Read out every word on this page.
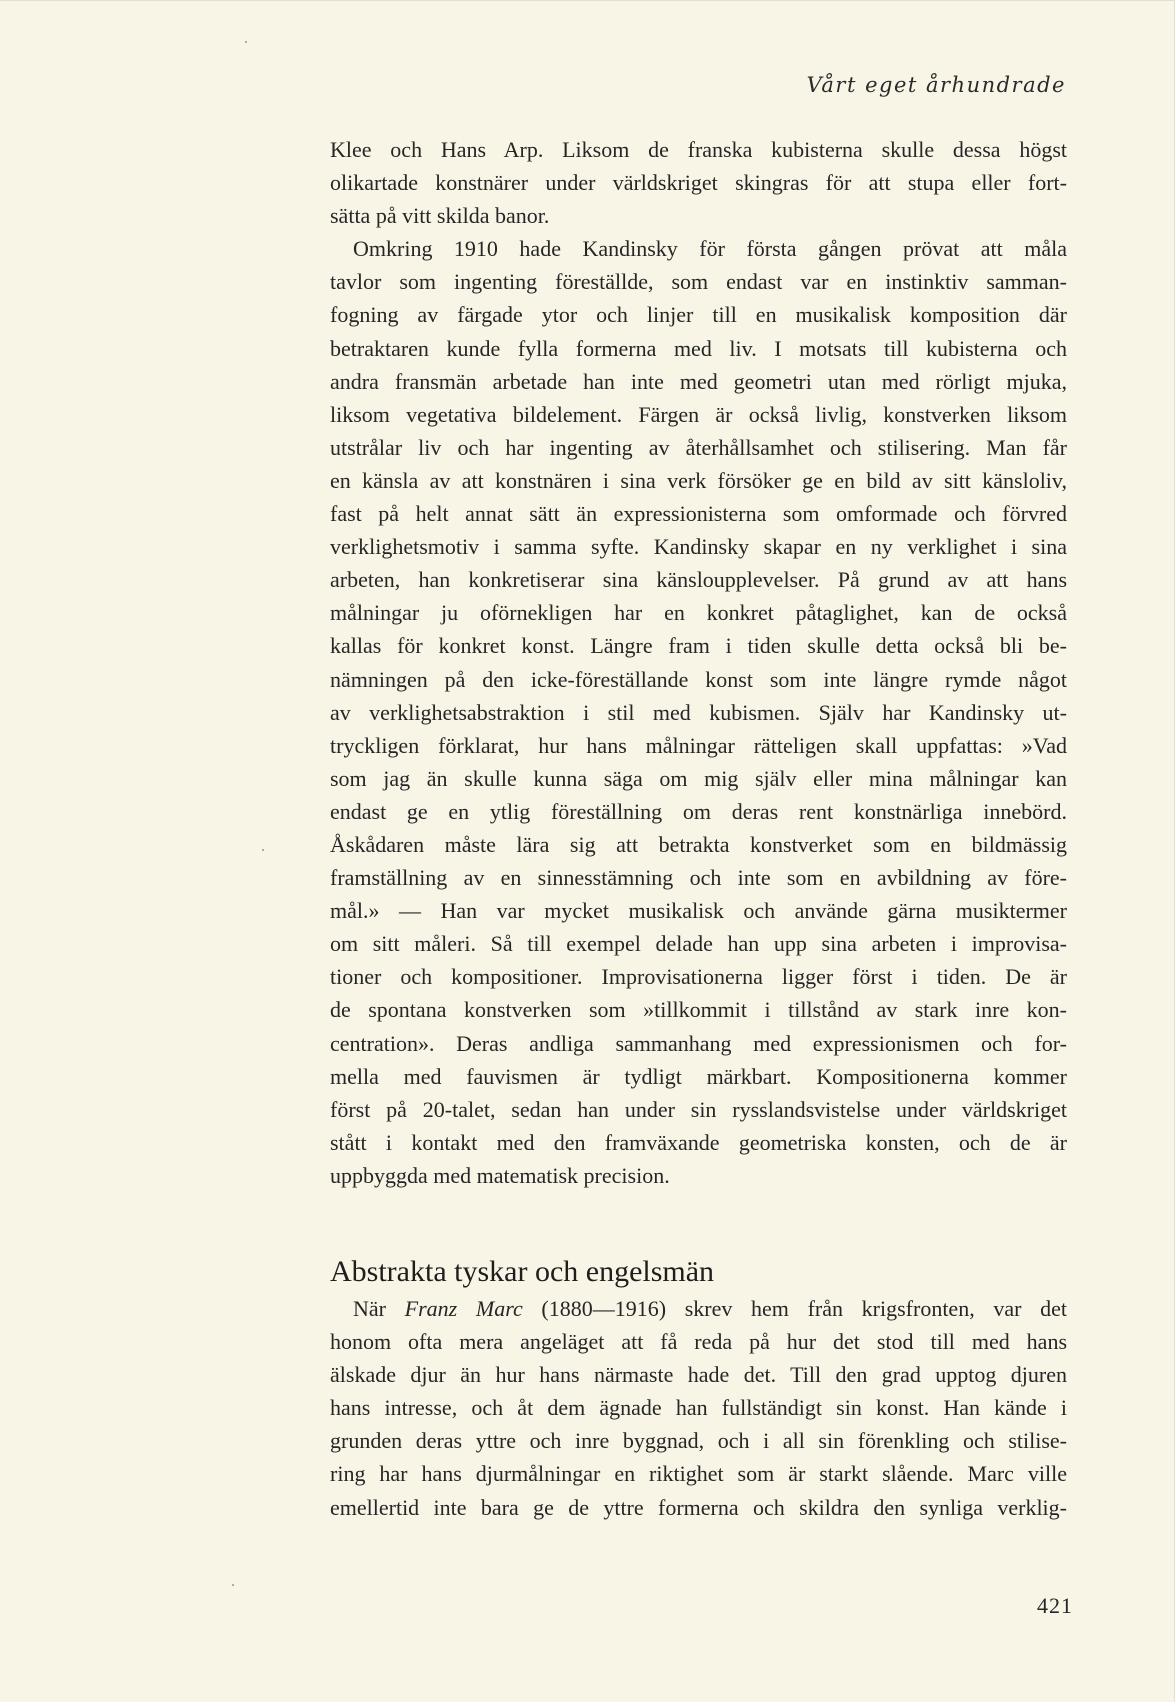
Vårt eget århundrade
Klee och Hans Arp. Liksom de franska kubisterna skulle dessa högst
olikartade konstnärer under världskriget skingras för att stupa eller fort-
sätta på vitt skilda banor.
Omkring 1910 hade Kandinsky för första gången prövat att måla
tavlor som ingenting föreställde, som endast var en instinktiv samman-
fogning av färgade ytor och linjer till en musikalisk komposition där
betraktaren kunde fylla formerna med liv. I motsats till kubisterna och
andra fransmän arbetade han inte med geometri utan med rörligt mjuka,
liksom vegetativa bildelement. Färgen är också livlig, konstverken liksom
utstrålar liv och har ingenting av återhållsamhet och stilisering. Man får
en känsla av att konstnären i sina verk försöker ge en bild av sitt känsloliv,
fast på helt annat sätt än expressionisterna som omformade och förvred
verklighetsmotiv i samma syfte. Kandinsky skapar en ny verklighet i sina
arbeten, han konkretiserar sina känsloupplevelser. På grund av att hans
målningar ju oförnekligen har en konkret påtaglighet, kan de också
kallas för konkret konst. Längre fram i tiden skulle detta också bli be-
nämningen på den icke-föreställande konst som inte längre rymde något
av verklighetsabstraktion i stil med kubismen. Själv har Kandinsky ut-
tryckligen förklarat, hur hans målningar rätteligen skall uppfattas: »Vad
som jag än skulle kunna säga om mig själv eller mina målningar kan
endast ge en ytlig föreställning om deras rent konstnärliga innebörd.
Åskådaren måste lära sig att betrakta konstverket som en bildmässig
framställning av en sinnesstämning och inte som en avbildning av före-
mål.» — Han var mycket musikalisk och använde gärna musiktermer
om sitt måleri. Så till exempel delade han upp sina arbeten i improvisa-
tioner och kompositioner. Improvisationerna ligger först i tiden. De är
de spontana konstverken som »tillkommit i tillstånd av stark inre kon-
centration». Deras andliga sammanhang med expressionismen och for-
mella med fauvismen är tydligt märkbart. Kompositionerna kommer
först på 20-talet, sedan han under sin rysslandsvistelse under världskriget
stått i kontakt med den framväxande geometriska konsten, och de är
uppbyggda med matematisk precision.
Abstrakta tyskar och engelsmän
När Franz Marc (1880—1916) skrev hem från krigsfronten, var det
honom ofta mera angeläget att få reda på hur det stod till med hans
älskade djur än hur hans närmaste hade det. Till den grad upptog djuren
hans intresse, och åt dem ägnade han fullständigt sin konst. Han kände i
grunden deras yttre och inre byggnad, och i all sin förenkling och stilise-
ring har hans djurmålningar en riktighet som är starkt slående. Marc ville
emellertid inte bara ge de yttre formerna och skildra den synliga verklig-
421
